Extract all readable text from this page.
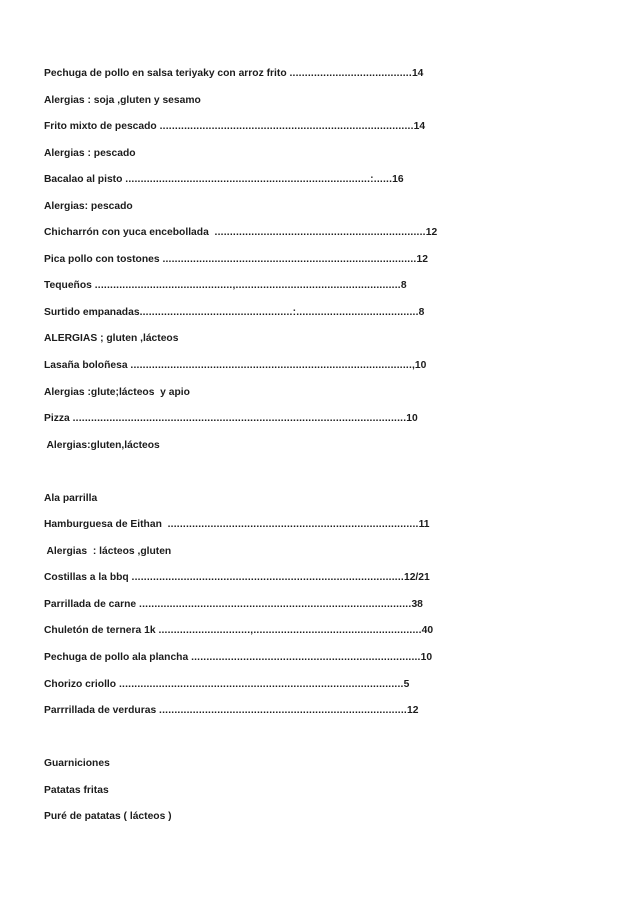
Pechuga de pollo en salsa teriyaky con arroz frito ........................................14
Alergias : soja ,gluten y sesamo
Frito mixto de pescado ...................................................................................14
Alergias : pescado
Bacalao al pisto ................................................................................:......16
Alergias: pescado
Chicharrón con yuca encebollada  .....................................................................12
Pica pollo con tostones ...................................................................................12
Tequeños .............................................,......................................................8
Surtido empanadas..................................................:........................................8
ALERGIAS ; gluten ,lácteos
Lasaña boloñesa ............................................................................................,10
Alergias :glute;lácteos  y apio
Pizza .............................................................................................................10
Alergias:gluten,lácteos
Ala parrilla
Hamburguesa de Eithan  ..................................................................................11
Alergias  : lácteos ,gluten
Costillas a la bbq .........................................................................................12/21
Parrillada de carne .........................................................................................38
Chuletón de ternera 1k ..............................,.......................................................40
Pechuga de pollo ala plancha ...........................................................................10
Chorizo criollo .............................................................................................5
Parrrillada de verduras .................................................................................12
Guarniciones
Patatas fritas
Puré de patatas ( lácteos )
